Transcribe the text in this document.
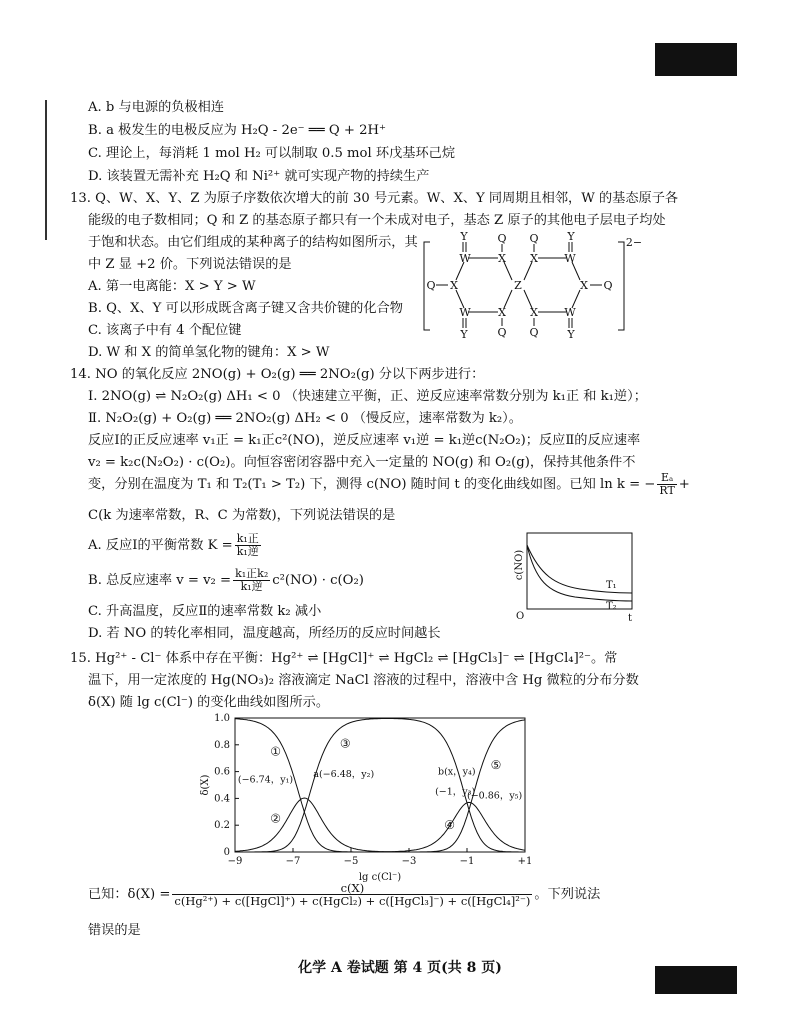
A. b 与电源的负极相连
B. a 极发生的电极反应为 H₂Q - 2e⁻ ══ Q + 2H⁺
C. 理论上，每消耗 1 mol H₂ 可以制取 0.5 mol 环戊基环己烷
D. 该装置无需补充 H₂Q 和 Ni²⁺ 就可实现产物的持续生产
13. Q、W、X、Y、Z 为原子序数依次增大的前 30 号元素。W、X、Y 同周期且相邻，W 的基态原子各
能级的电子数相同；Q 和 Z 的基态原子都只有一个未成对电子，基态 Z 原子的其他电子层电子均处
于饱和状态。由它们组成的某种离子的结构如图所示，其
中 Z 显 +2 价。下列说法错误的是
A. 第一电离能：X > Y > W
B. Q、X、Y 可以形成既含离子键又含共价键的化合物
C. 该离子中有 4 个配位键
D. W 和 X 的简单氢化物的键角：X > W
Y	Y
Q Q
W X X W
Q X	Z	X Q
W X X W
Q Q
Y	Y
2−
14. NO 的氧化反应 2NO(g) + O₂(g) ══ 2NO₂(g) 分以下两步进行：
Ⅰ. 2NO(g) ⇌ N₂O₂(g) ΔH₁ < 0 （快速建立平衡，正、逆反应速率常数分别为 k₁正 和 k₁逆）；
Ⅱ. N₂O₂(g) + O₂(g) ══ 2NO₂(g) ΔH₂ < 0 （慢反应，速率常数为 k₂）。
反应Ⅰ的正反应速率 v₁正 = k₁正c²(NO)，逆反应速率 v₁逆 = k₁逆c(N₂O₂)；反应Ⅱ的反应速率
v₂ = k₂c(N₂O₂) · c(O₂)。向恒容密闭容器中充入一定量的 NO(g) 和 O₂(g)，保持其他条件不
变，分别在温度为 T₁ 和 T₂(T₁ > T₂) 下，测得 c(NO) 随时间 t 的变化曲线如图。已知 ln k = − $\frac{\text{Eₐ}}{RT}$ +
C(k 为速率常数，R、C 为常数)，下列说法错误的是
A. 反应Ⅰ的平衡常数 $K = \frac{\text{k₁正}}{\text{k₁逆}}$
B. 总反应速率 $v = v_2 = \frac{\text{k₁正k₂}}{\text{k₁逆}} c^2(NO) \cdot c(O_2)$
C. 升高温度，反应Ⅱ的速率常数 k₂ 减小
D. 若 NO 的转化率相同，温度越高，所经历的反应时间越长
c(NO)
O	t
T₁
T₂
15. Hg²⁺ - Cl⁻ 体系中存在平衡：Hg²⁺ ⇌ [HgCl]⁺ ⇌ HgCl₂ ⇌ [HgCl₃]⁻ ⇌ [HgCl₄]²⁻。常
温下，用一定浓度的 Hg(NO₃)₂ 溶液滴定 NaCl 溶液的过程中，溶液中含 Hg 微粒的分布分数
δ(X) 随 lg c(Cl⁻) 的变化曲线如图所示。
0
0.2
0.4
0.6
0.8
1.0
−9	−7	−5	−3	−1	+1
lg c(Cl⁻)
δ(X)
①
②
③
④
⑤
(−6.74，y₁) a(−6.48，y₂)	b(x，y₄)
(−1，y₃)
(−0.86，y₅)
已知：$\delta(X) = \frac{c(X)}{\text{c(Hg²⁺) + c([HgCl]⁺) + c(HgCl₂) + c([HgCl₃]⁻) + c([HgCl₄]²⁻)}}$ 。下列说法
错误的是
化学 A 卷试题 第 4 页(共 8 页)
